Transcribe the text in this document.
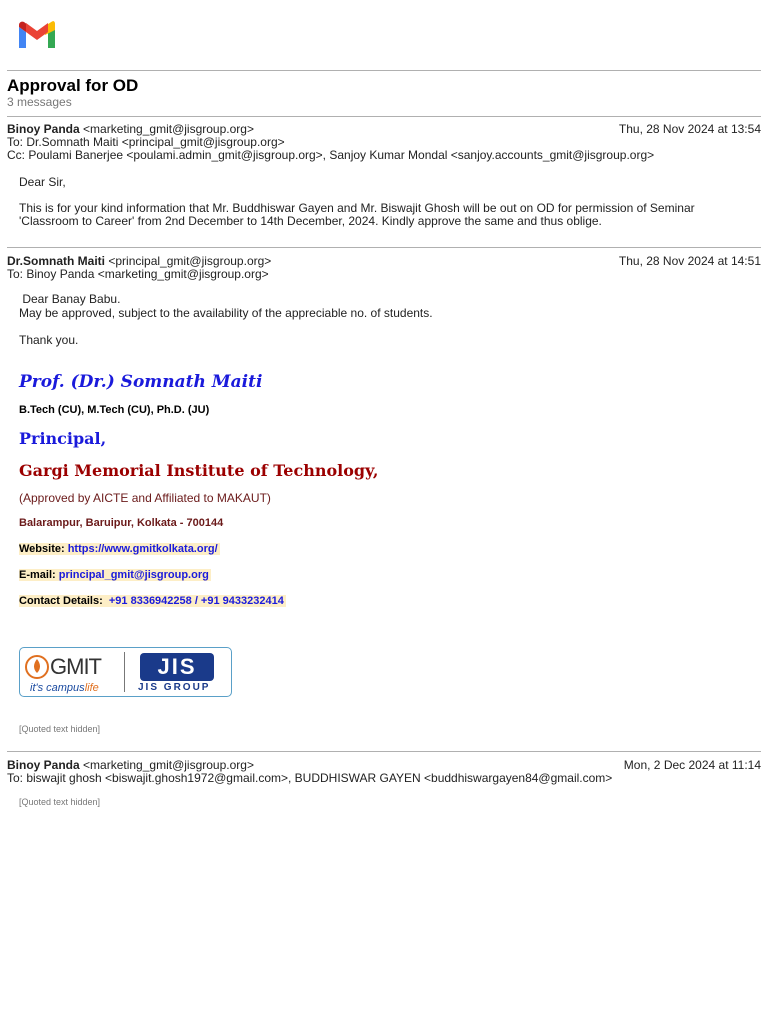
Approval for OD
3 messages
Binoy Panda <marketing_gmit@jisgroup.org>	Thu, 28 Nov 2024 at 13:54
To: Dr.Somnath Maiti <principal_gmit@jisgroup.org>
Cc: Poulami Banerjee <poulami.admin_gmit@jisgroup.org>, Sanjoy Kumar Mondal <sanjoy.accounts_gmit@jisgroup.org>

Dear Sir,

This is for your kind information that Mr. Buddhiswar Gayen and Mr. Biswajit Ghosh will be out on OD for permission of Seminar

'Classroom to Career' from 2nd December to 14th December, 2024. Kindly approve the same and thus oblige.

Dr.Somnath Maiti <principal_gmit@jisgroup.org>	Thu, 28 Nov 2024 at 14:51
To: Binoy Panda <marketing_gmit@jisgroup.org>

Dear Banay Babu.

May be approved, subject to the availability of the appreciable no. of students.

Thank you.

Prof. (Dr.) Somnath Maiti
B.Tech (CU), M.Tech (CU), Ph.D. (JU)
Principal,
Gargi Memorial Institute of Technology,
(Approved by AICTE and Affiliated to MAKAUT)
Balarampur, Baruipur, Kolkata - 700144
Website: https://www.gmitkolkata.org/
E-mail: principal_gmit@jisgroup.org
Contact Details: +91 8336942258 / +91 9433232414
GMIT
it's campuslife
JIS
JIS GROUP
[Quoted text hidden]
Binoy Panda <marketing_gmit@jisgroup.org>	Mon, 2 Dec 2024 at 11:14
To: biswajit ghosh <biswajit.ghosh1972@gmail.com>, BUDDHISWAR GAYEN <buddhiswargayen84@gmail.com>
[Quoted text hidden]
